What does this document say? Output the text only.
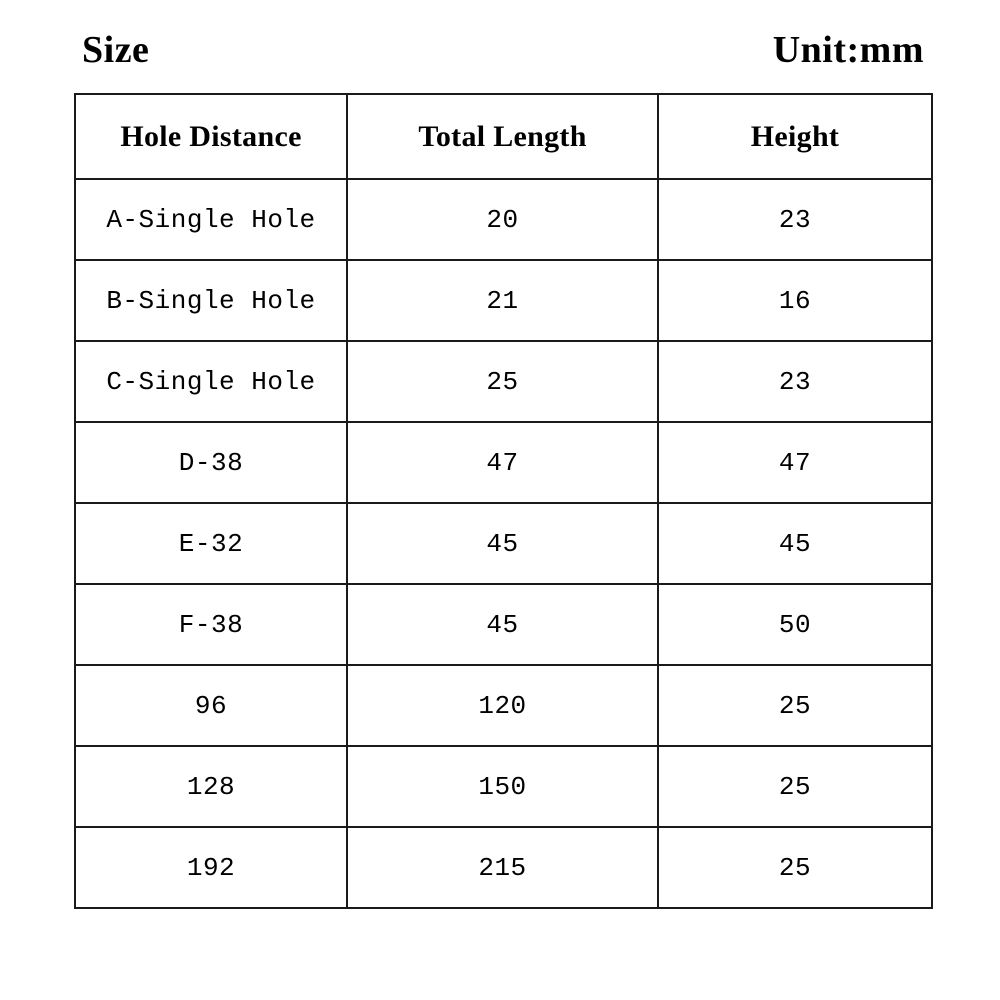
Size	Unit:mm
Hole Distance	Total Length	Height
A-Single Hole	20	23
B-Single Hole	21	16
C-Single Hole	25	23
D-38	47	47
E-32	45	45
F-38	45	50
96	120	25
128	150	25
192	215	25
